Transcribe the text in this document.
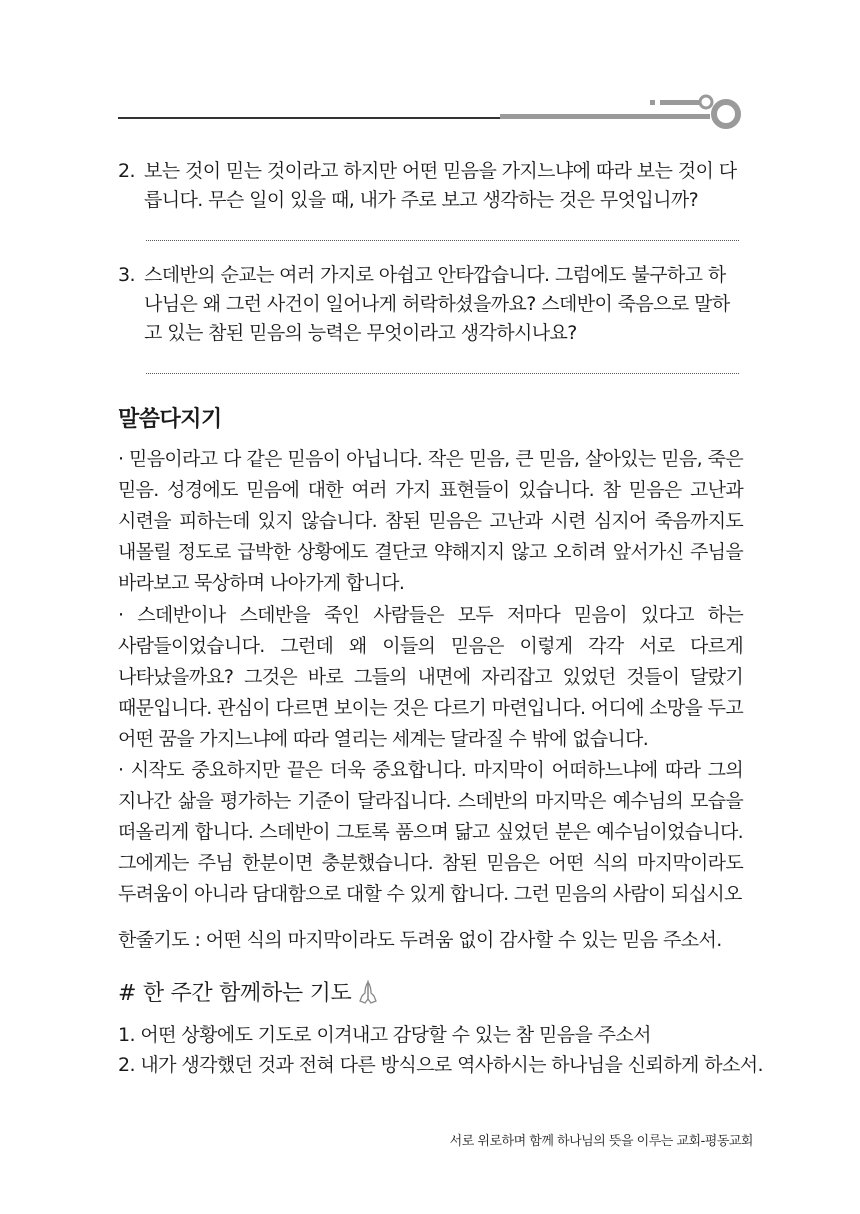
2. 보는 것이 믿는 것이라고 하지만 어떤 믿음을 가지느냐에 따라 보는 것이 다릅니다. 무슨 일이 있을 때, 내가 주로 보고 생각하는 것은 무엇입니까?
3. 스데반의 순교는 여러 가지로 아쉽고 안타깝습니다. 그럼에도 불구하고 하나님은 왜 그런 사건이 일어나게 허락하셨을까요? 스데반이 죽음으로 말하고 있는 참된 믿음의 능력은 무엇이라고 생각하시나요?
말씀다지기

· 믿음이라고 다 같은 믿음이 아닙니다. 작은 믿음, 큰 믿음, 살아있는 믿음, 죽은 믿음. 성경에도 믿음에 대한 여러 가지 표현들이 있습니다. 참 믿음은 고난과 시련을 피하는데 있지 않습니다. 참된 믿음은 고난과 시련 심지어 죽음까지도 내몰릴 정도로 급박한 상황에도 결단코 약해지지 않고 오히려 앞서가신 주님을 바라보고 묵상하며 나아가게 합니다.

· 스데반이나 스데반을 죽인 사람들은 모두 저마다 믿음이 있다고 하는 사람들이었습니다. 그런데 왜 이들의 믿음은 이렇게 각각 서로 다르게 나타났을까요? 그것은 바로 그들의 내면에 자리잡고 있었던 것들이 달랐기 때문입니다. 관심이 다르면 보이는 것은 다르기 마련입니다. 어디에 소망을 두고 어떤 꿈을 가지느냐에 따라 열리는 세계는 달라질 수 밖에 없습니다.

· 시작도 중요하지만 끝은 더욱 중요합니다. 마지막이 어떠하느냐에 따라 그의 지나간 삶을 평가하는 기준이 달라집니다. 스데반의 마지막은 예수님의 모습을 떠올리게 합니다. 스데반이 그토록 품으며 닮고 싶었던 분은 예수님이었습니다. 그에게는 주님 한분이면 충분했습니다. 참된 믿음은 어떤 식의 마지막이라도 두려움이 아니라 담대함으로 대할 수 있게 합니다. 그런 믿음의 사람이 되십시오

한줄기도 : 어떤 식의 마지막이라도 두려움 없이 감사할 수 있는 믿음 주소서.
# 한 주간 함께하는 기도
1. 어떤 상황에도 기도로 이겨내고 감당할 수 있는 참 믿음을 주소서
2. 내가 생각했던 것과 전혀 다른 방식으로 역사하시는 하나님을 신뢰하게 하소서.
서로 위로하며 함께 하나님의 뜻을 이루는 교회-평동교회
